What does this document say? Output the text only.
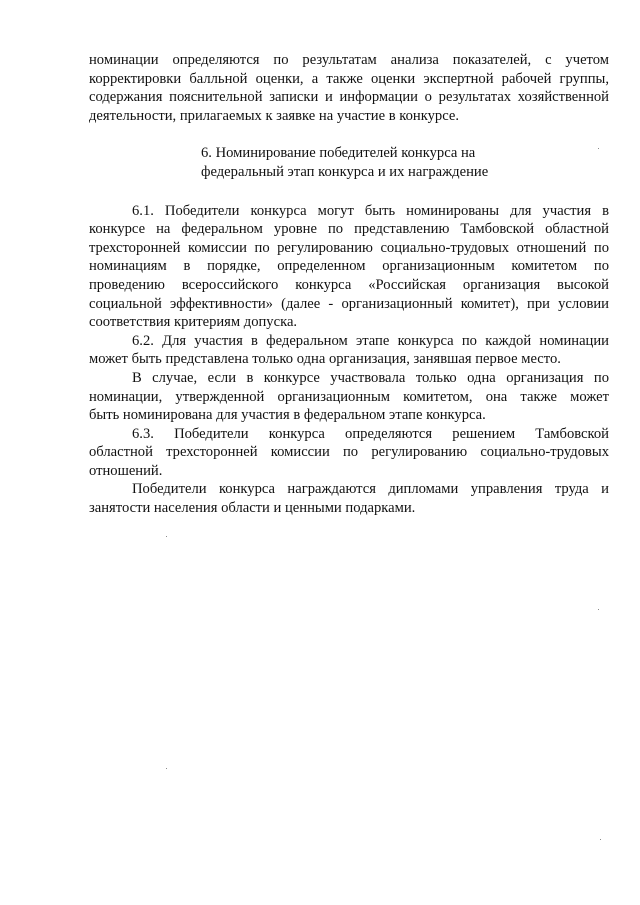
номинации определяются по результатам анализа показателей, с учетом
корректировки балльной оценки, а также оценки экспертной рабочей группы,
содержания пояснительной записки и информации о результатах хозяйственной
деятельности, прилагаемых к заявке на участие в конкурсе.
6. Номинирование победителей конкурса на
федеральный этап конкурса и их награждение
6.1. Победители конкурса могут быть номинированы для участия в
конкурсе на федеральном уровне по представлению Тамбовской областной
трехсторонней комиссии по регулированию социально-трудовых отношений по
номинациям в порядке, определенном организационным комитетом по
проведению всероссийского конкурса «Российская организация высокой
социальной эффективности» (далее - организационный комитет), при условии
соответствия критериям допуска.
6.2. Для участия в федеральном этапе конкурса по каждой номинации
может быть представлена только одна организация, занявшая первое место.
В случае, если в конкурсе участвовала только одна организация по
номинации, утвержденной организационным комитетом, она также может
быть номинирована для участия в федеральном этапе конкурса.
6.3. Победители конкурса определяются решением Тамбовской
областной трехсторонней комиссии по регулированию социально-трудовых
отношений.
Победители конкурса награждаются дипломами управления труда и
занятости населения области и ценными подарками.
